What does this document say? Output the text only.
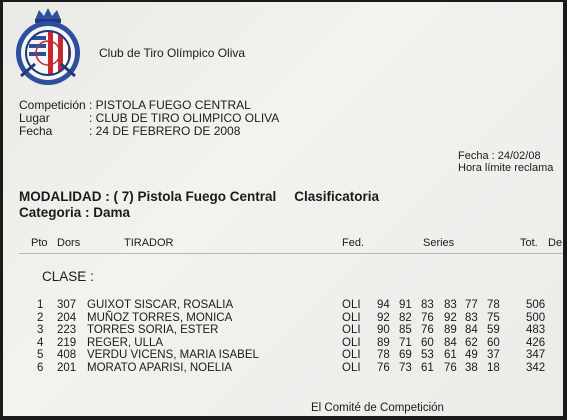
Club de Tiro Olímpico Oliva
Competición : PISTOLA FUEGO CENTRAL
Lugar	: CLUB DE TIRO OLIMPICO OLIVA
Fecha	: 24 DE FEBRERO DE 2008
Fecha : 24/02/08
Hora límite reclama
MODALIDAD : ( 7) Pistola Fuego Central Clasificatoria
Categoria : Dama
Pto Dors	TIRADOR	Fed.	Series	Tot. De
CLASE :
1 307 GUIXOT SISCAR, ROSALIA	OLI 94 91 83 83 77 78 506
2 204 MUÑOZ TORRES, MONICA	OLI 92 82 76 92 83 75 500
3 223 TORRES SORIA, ESTER	OLI 90 85 76 89 84 59 483
4 219 REGER, ULLA	OLI 89 71 60 84 62 60 426
5 408 VERDU VICENS, MARIA ISABEL	OLI 78 69 53 61 49 37 347
6 201 MORATO APARISI, NOELIA	OLI 76 73 61 76 38 18 342
El Comité de Competición
